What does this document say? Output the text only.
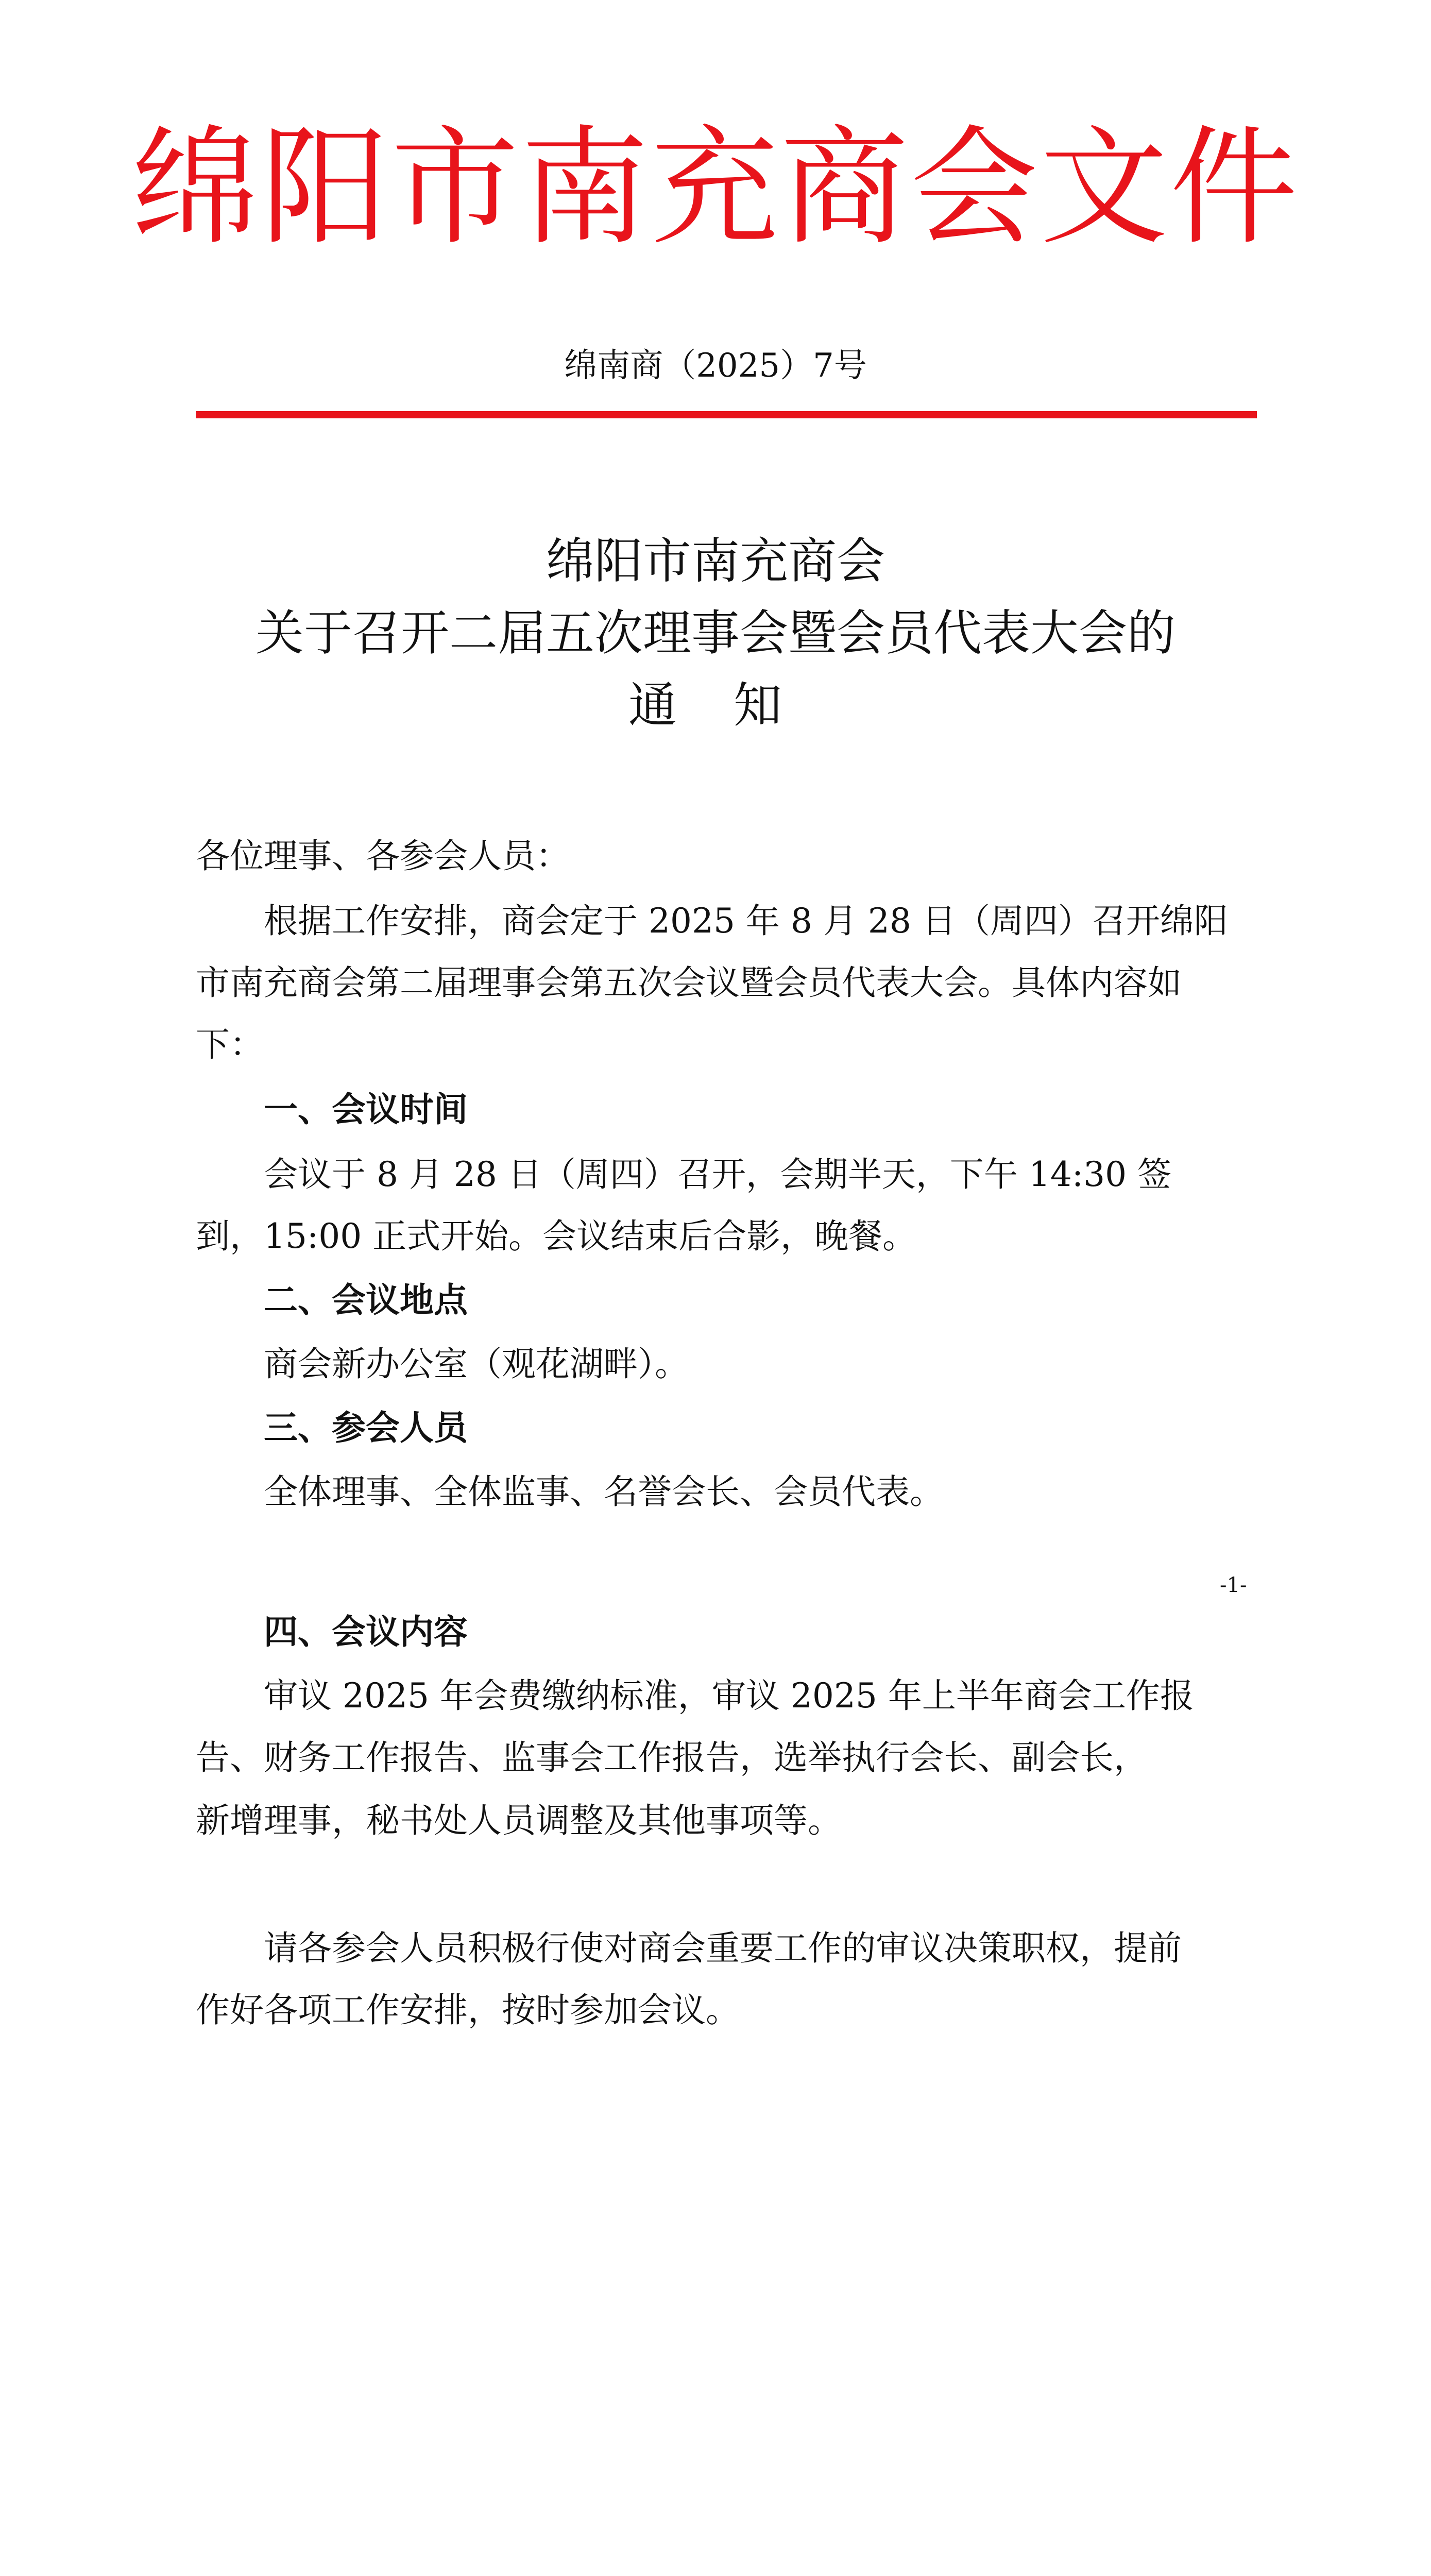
绵阳市南充商会文件
绵南商（2025）7号
绵阳市南充商会
关于召开二届五次理事会暨会员代表大会的
通 知
各位理事、各参会人员：
根据工作安排，商会定于 2025 年 8 月 28 日（周四）召开绵阳
市南充商会第二届理事会第五次会议暨会员代表大会。具体内容如
下：
一、会议时间
会议于 8 月 28 日（周四）召开，会期半天，下午 14:30 签
到，15:00 正式开始。会议结束后合影，晚餐。
二、会议地点
商会新办公室（观花湖畔）。
三、参会人员
全体理事、全体监事、名誉会长、会员代表。
-1-
四、会议内容
审议 2025 年会费缴纳标准，审议 2025 年上半年商会工作报
告、财务工作报告、监事会工作报告，选举执行会长、副会长，
新增理事，秘书处人员调整及其他事项等。
请各参会人员积极行使对商会重要工作的审议决策职权，提前
作好各项工作安排，按时参加会议。
